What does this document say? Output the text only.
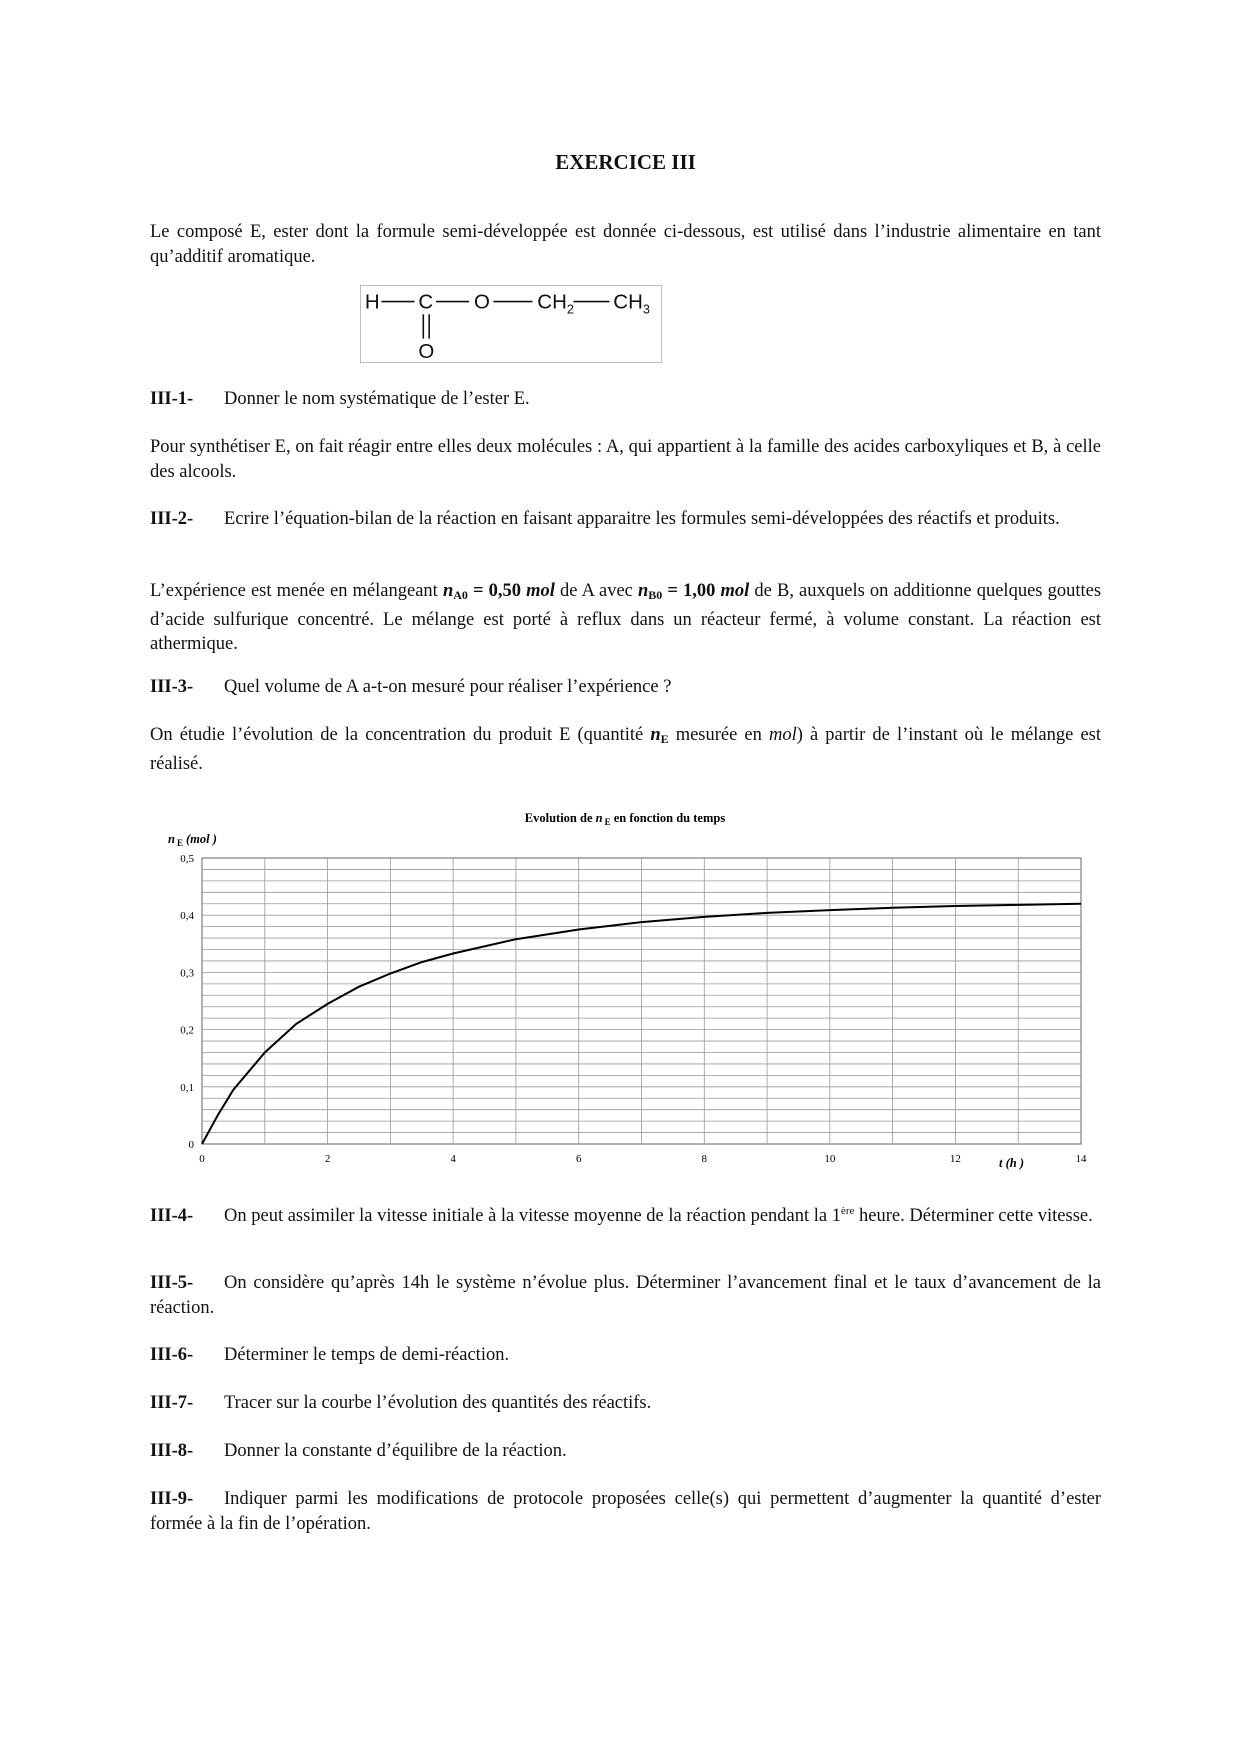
EXERCICE III

Le composé E, ester dont la formule semi-développée est donnée ci-dessous, est utilisé dans l’industrie alimentaire en tant qu’additif aromatique.

H C O $CH_2$ $CH_3$
O

III-1- Donner le nom systématique de l’ester E.

Pour synthétiser E, on fait réagir entre elles deux molécules : A, qui appartient à la famille des acides carboxyliques et B, à celle des alcools.

III-2- Ecrire l’équation-bilan de la réaction en faisant apparaitre les formules semi-développées des réactifs et produits.

L’expérience est menée en mélangeant $n_{A0} = 0,50$ mol de A avec $n_{B0} = 1,00$ mol de B, auxquels on additionne quelques gouttes d’acide sulfurique concentré. Le mélange est porté à reflux dans un réacteur fermé, à volume constant. La réaction est athermique.

III-3- Quel volume de A a-t-on mesuré pour réaliser l’expérience ?

On étudie l’évolution de la concentration du produit E (quantité $n_E$ mesurée en mol) à partir de l’instant où le mélange est réalisé.

Evolution de n $_E$ en fonction du temps
n $_E$ (mol )
t (h )
0
0,1
0,2
0,3
0,4
0,5
0	2	4	6	8	10	12	14

III-4- On peut assimiler la vitesse initiale à la vitesse moyenne de la réaction pendant la 1ère heure. Déterminer cette vitesse.

III-5- On considère qu’après 14h le système n’évolue plus. Déterminer l’avancement final et le taux d’avancement de la réaction.

III-6- Déterminer le temps de demi-réaction.

III-7- Tracer sur la courbe l’évolution des quantités des réactifs.

III-8- Donner la constante d’équilibre de la réaction.

III-9- Indiquer parmi les modifications de protocole proposées celle(s) qui permettent d’augmenter la quantité d’ester formée à la fin de l’opération.
